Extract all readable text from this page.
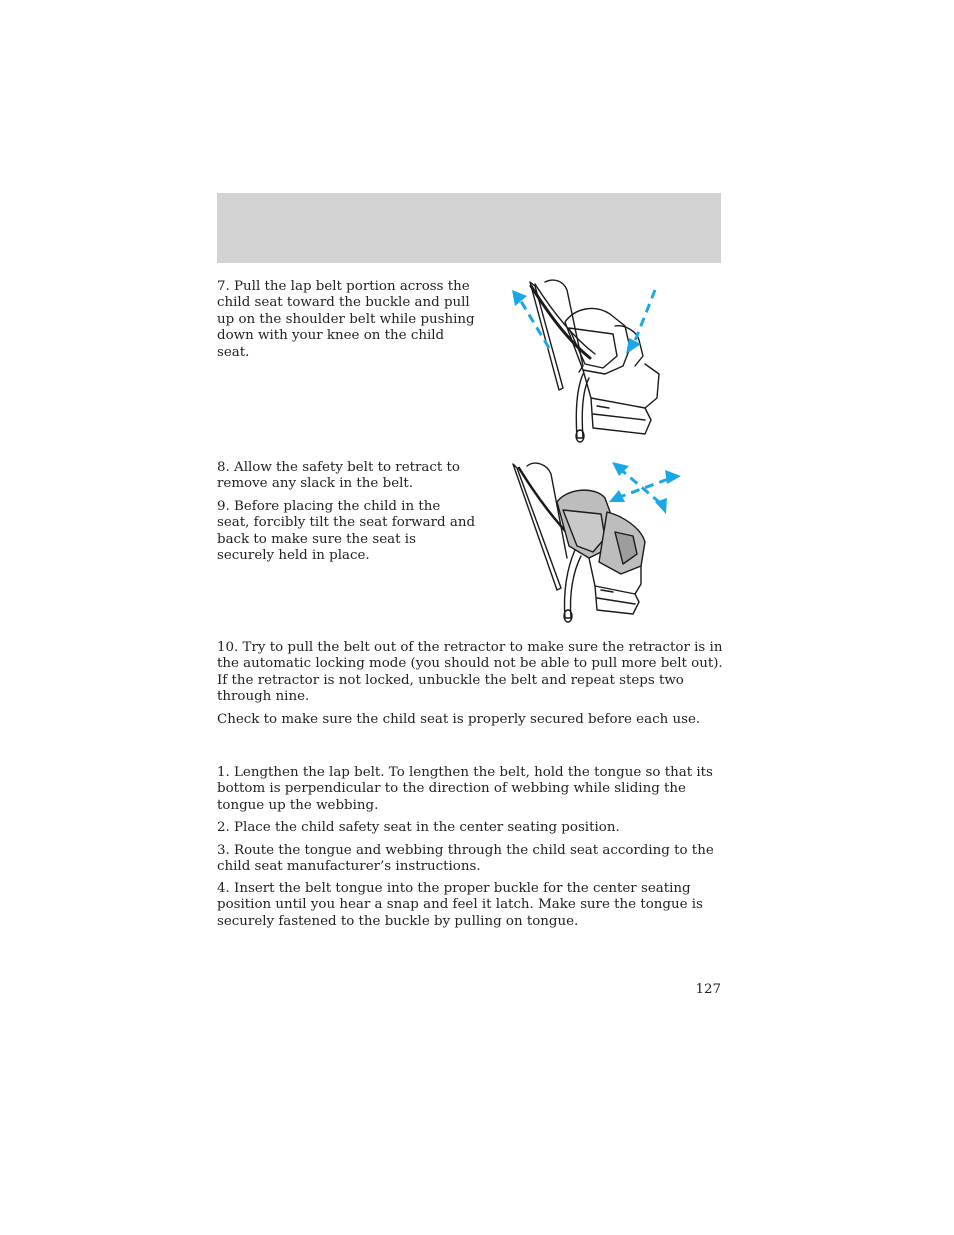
7. Pull the lap belt portion across the child seat toward the buckle and pull up on the shoulder belt while pushing down with your knee on the child seat.

8. Allow the safety belt to retract to remove any slack in the belt.

9. Before placing the child in the seat, forcibly tilt the seat forward and back to make sure the seat is securely held in place.

10. Try to pull the belt out of the retractor to make sure the retractor is in the automatic locking mode (you should not be able to pull more belt out). If the retractor is not locked, unbuckle the belt and repeat steps two through nine.

Check to make sure the child seat is properly secured before each use.

1. Lengthen the lap belt. To lengthen the belt, hold the tongue so that its bottom is perpendicular to the direction of webbing while sliding the tongue up the webbing.

2. Place the child safety seat in the center seating position.

3. Route the tongue and webbing through the child seat according to the child seat manufacturer’s instructions.

4. Insert the belt tongue into the proper buckle for the center seating position until you hear a snap and feel it latch. Make sure the tongue is securely fastened to the buckle by pulling on tongue.

127
